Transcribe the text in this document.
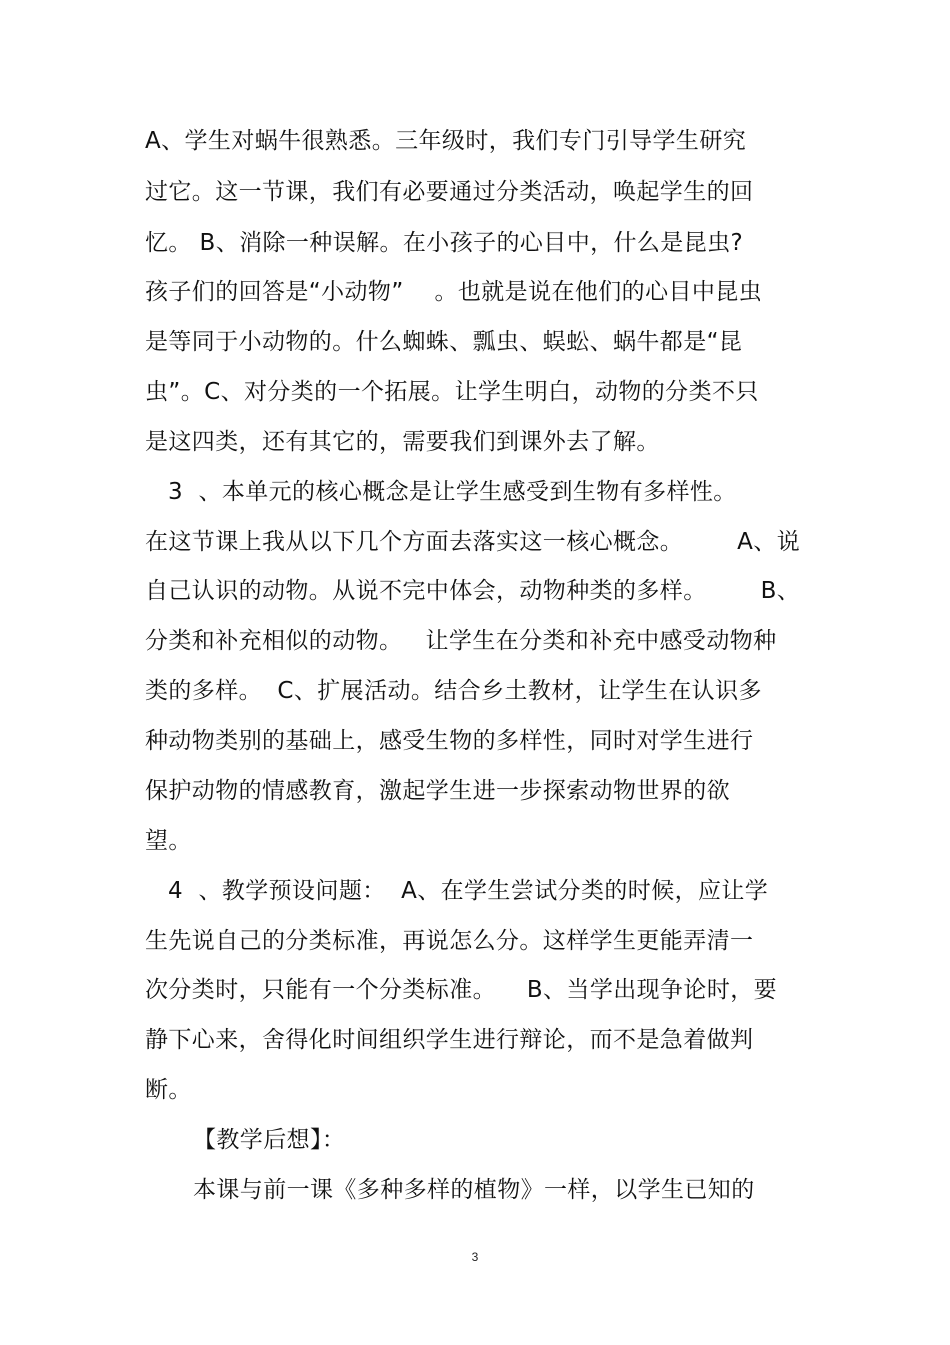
A、学生对蜗牛很熟悉。三年级时，我们专门引导学生研究
过它。这一节课，我们有必要通过分类活动，唤起学生的回
忆。 B、消除一种误解。在小孩子的心目中，什么是昆虫?
孩子们的回答是“小动物”    。也就是说在他们的心目中昆虫
是等同于小动物的。什么蜘蛛、瓢虫、蜈蚣、蜗牛都是“昆
虫”。C、对分类的一个拓展。让学生明白，动物的分类不只
是这四类，还有其它的，需要我们到课外去了解。
3  、本单元的核心概念是让学生感受到生物有多样性。
在这节课上我从以下几个方面去落实这一核心概念。       A、说
自己认识的动物。从说不完中体会，动物种类的多样。       B、
分类和补充相似的动物。   让学生在分类和补充中感受动物种
类的多样。  C、扩展活动。结合乡土教材，让学生在认识多
种动物类别的基础上，感受生物的多样性，同时对学生进行
保护动物的情感教育，激起学生进一步探索动物世界的欲
望。
4  、教学预设问题：  A、在学生尝试分类的时候，应让学
生先说自己的分类标准，再说怎么分。这样学生更能弄清一
次分类时，只能有一个分类标准。    B、当学出现争论时，要
静下心来，舍得化时间组织学生进行辩论，而不是急着做判
断。
【教学后想】：
本课与前一课《多种多样的植物》一样，以学生已知的
3
